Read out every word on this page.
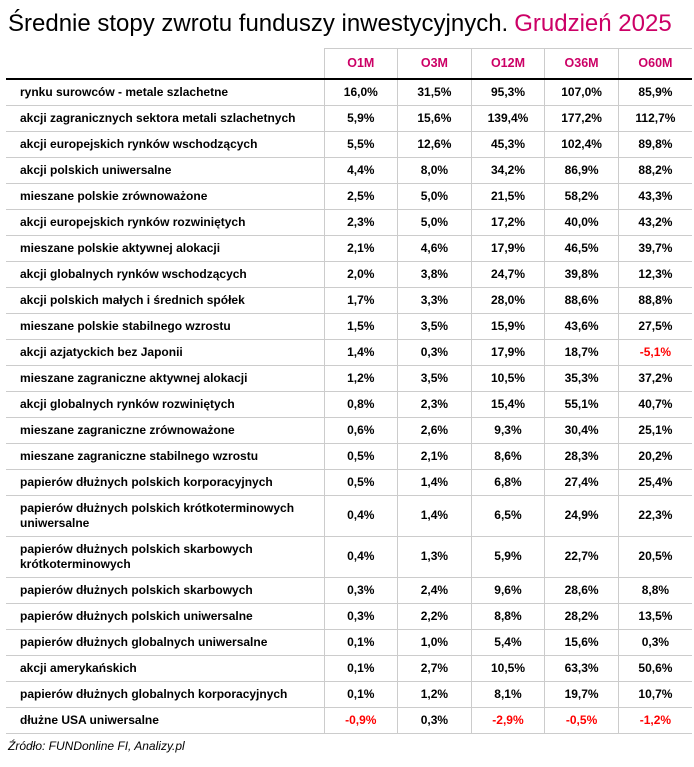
Średnie stopy zwrotu funduszy inwestycyjnych. Grudzień 2025
	O1M	O3M	O12M	O36M	O60M
rynku surowców - metale szlachetne	16,0%	31,5%	95,3%	107,0%	85,9%
akcji zagranicznych sektora metali szlachetnych	5,9%	15,6%	139,4%	177,2%	112,7%
akcji europejskich rynków wschodzących	5,5%	12,6%	45,3%	102,4%	89,8%
akcji polskich uniwersalne	4,4%	8,0%	34,2%	86,9%	88,2%
mieszane polskie zrównoważone	2,5%	5,0%	21,5%	58,2%	43,3%
akcji europejskich rynków rozwiniętych	2,3%	5,0%	17,2%	40,0%	43,2%
mieszane polskie aktywnej alokacji	2,1%	4,6%	17,9%	46,5%	39,7%
akcji globalnych rynków wschodzących	2,0%	3,8%	24,7%	39,8%	12,3%
akcji polskich małych i średnich spółek	1,7%	3,3%	28,0%	88,6%	88,8%
mieszane polskie stabilnego wzrostu	1,5%	3,5%	15,9%	43,6%	27,5%
akcji azjatyckich bez Japonii	1,4%	0,3%	17,9%	18,7%	-5,1%
mieszane zagraniczne aktywnej alokacji	1,2%	3,5%	10,5%	35,3%	37,2%
akcji globalnych rynków rozwiniętych	0,8%	2,3%	15,4%	55,1%	40,7%
mieszane zagraniczne zrównoważone	0,6%	2,6%	9,3%	30,4%	25,1%
mieszane zagraniczne stabilnego wzrostu	0,5%	2,1%	8,6%	28,3%	20,2%
papierów dłużnych polskich korporacyjnych	0,5%	1,4%	6,8%	27,4%	25,4%
papierów dłużnych polskich krótkoterminowych uniwersalne	0,4%	1,4%	6,5%	24,9%	22,3%
papierów dłużnych polskich skarbowych krótkoterminowych	0,4%	1,3%	5,9%	22,7%	20,5%
papierów dłużnych polskich skarbowych	0,3%	2,4%	9,6%	28,6%	8,8%
papierów dłużnych polskich uniwersalne	0,3%	2,2%	8,8%	28,2%	13,5%
papierów dłużnych globalnych uniwersalne	0,1%	1,0%	5,4%	15,6%	0,3%
akcji amerykańskich	0,1%	2,7%	10,5%	63,3%	50,6%
papierów dłużnych globalnych korporacyjnych	0,1%	1,2%	8,1%	19,7%	10,7%
dłużne USA uniwersalne	-0,9%	0,3%	-2,9%	-0,5%	-1,2%
Źródło: FUNDonline FI, Analizy.pl
